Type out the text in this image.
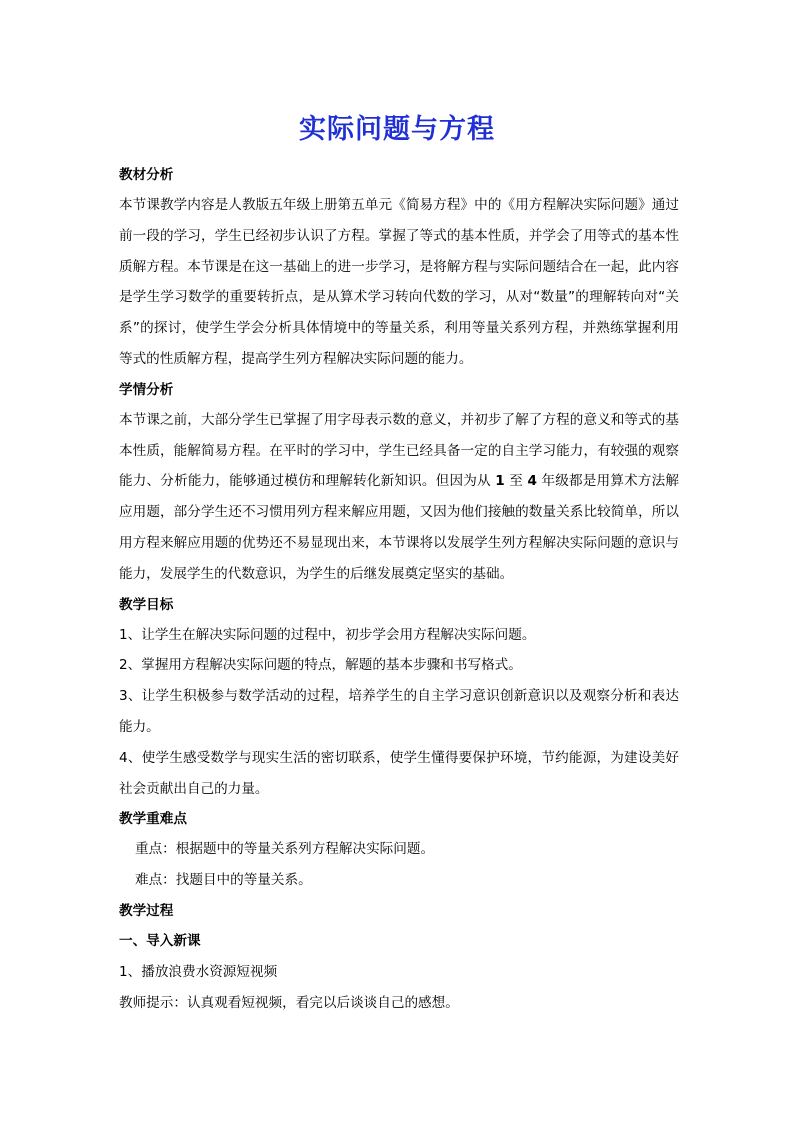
实际问题与方程
教材分析
本节课教学内容是人教版五年级上册第五单元《简易方程》中的《用方程解决实际问题》通过前一段的学习，学生已经初步认识了方程。掌握了等式的基本性质，并学会了用等式的基本性质解方程。本节课是在这一基础上的进一步学习，是将解方程与实际问题结合在一起，此内容是学生学习数学的重要转折点，是从算术学习转向代数的学习，从对“数量”的理解转向对“关系”的探讨，使学生学会分析具体情境中的等量关系，利用等量关系列方程，并熟练掌握利用等式的性质解方程，提高学生列方程解决实际问题的能力。
学情分析
本节课之前，大部分学生已掌握了用字母表示数的意义，并初步了解了方程的意义和等式的基本性质，能解简易方程。在平时的学习中，学生已经具备一定的自主学习能力，有较强的观察能力、分析能力，能够通过模仿和理解转化新知识。但因为从 1 至 4 年级都是用算术方法解应用题，部分学生还不习惯用列方程来解应用题，又因为他们接触的数量关系比较简单，所以用方程来解应用题的优势还不易显现出来，本节课将以发展学生列方程解决实际问题的意识与能力，发展学生的代数意识，为学生的后继发展奠定坚实的基础。
教学目标
1、让学生在解决实际问题的过程中，初步学会用方程解决实际问题。
2、掌握用方程解决实际问题的特点，解题的基本步骤和书写格式。
3、让学生积极参与数学活动的过程，培养学生的自主学习意识创新意识以及观察分析和表达能力。
4、使学生感受数学与现实生活的密切联系，使学生懂得要保护环境，节约能源，为建设美好社会贡献出自己的力量。
教学重难点
重点：根据题中的等量关系列方程解决实际问题。
难点：找题目中的等量关系。
教学过程
一、导入新课
1、播放浪费水资源短视频
教师提示：认真观看短视频，看完以后谈谈自己的感想。
